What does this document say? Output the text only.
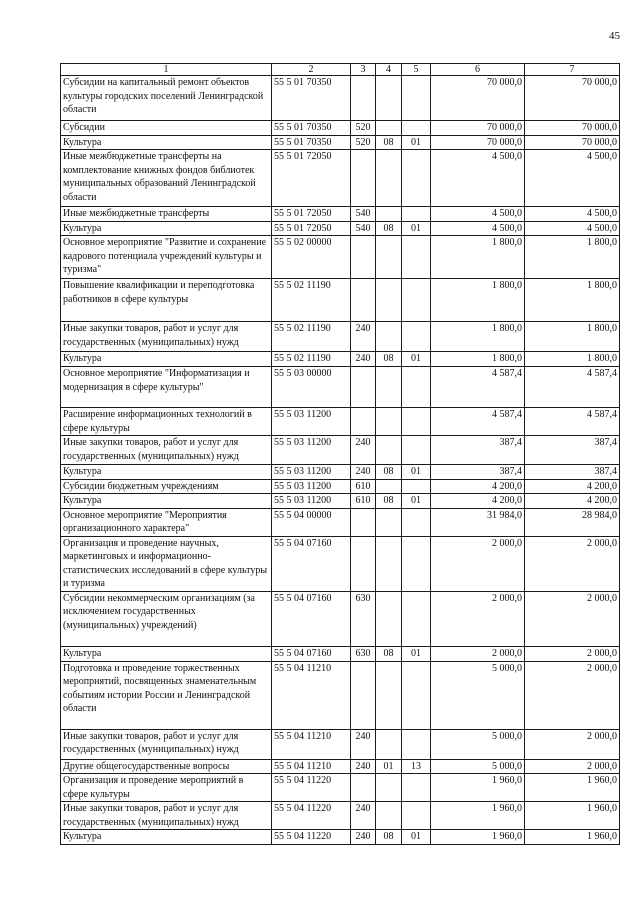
45
1	2	3	4	5	6	7
Субсидии на капитальный ремонт объектов культуры городских поселений Ленинградской области	55 5 01 70350				70 000,0	70 000,0
Субсидии	55 5 01 70350	520			70 000,0	70 000,0
Культура	55 5 01 70350	520	08	01	70 000,0	70 000,0
Иные межбюджетные трансферты на комплектование книжных фондов библиотек муниципальных образований Ленинградской области	55 5 01 72050				4 500,0	4 500,0
Иные межбюджетные трансферты	55 5 01 72050	540			4 500,0	4 500,0
Культура	55 5 01 72050	540	08	01	4 500,0	4 500,0
Основное мероприятие "Развитие и сохранение кадрового потенциала учреждений культуры и туризма"	55 5 02 00000				1 800,0	1 800,0
Повышение квалификации и переподготовка работников в сфере культуры	55 5 02 11190				1 800,0	1 800,0
Иные закупки товаров, работ и услуг для государственных (муниципальных) нужд	55 5 02 11190	240			1 800,0	1 800,0
Культура	55 5 02 11190	240	08	01	1 800,0	1 800,0
Основное мероприятие "Информатизация и модернизация в сфере культуры"	55 5 03 00000				4 587,4	4 587,4
Расширение информационных технологий в сфере культуры	55 5 03 11200				4 587,4	4 587,4
Иные закупки товаров, работ и услуг для государственных (муниципальных) нужд	55 5 03 11200	240			387,4	387,4
Культура	55 5 03 11200	240	08	01	387,4	387,4
Субсидии бюджетным учреждениям	55 5 03 11200	610			4 200,0	4 200,0
Культура	55 5 03 11200	610	08	01	4 200,0	4 200,0
Основное мероприятие "Мероприятия организационного характера"	55 5 04 00000				31 984,0	28 984,0
Организация и проведение научных, маркетинговых и информационно-статистических исследований в сфере культуры и туризма	55 5 04 07160				2 000,0	2 000,0
Субсидии некоммерческим организациям (за исключением государственных (муниципальных) учреждений)	55 5 04 07160	630			2 000,0	2 000,0
Культура	55 5 04 07160	630	08	01	2 000,0	2 000,0
Подготовка и проведение торжественных мероприятий, посвященных знаменательным событиям истории России и Ленинградской области	55 5 04 11210				5 000,0	2 000,0
Иные закупки товаров, работ и услуг для государственных (муниципальных) нужд	55 5 04 11210	240			5 000,0	2 000,0
Другие общегосударственные вопросы	55 5 04 11210	240	01	13	5 000,0	2 000,0
Организация и проведение мероприятий в сфере культуры	55 5 04 11220				1 960,0	1 960,0
Иные закупки товаров, работ и услуг для государственных (муниципальных) нужд	55 5 04 11220	240			1 960,0	1 960,0
Культура	55 5 04 11220	240	08	01	1 960,0	1 960,0
